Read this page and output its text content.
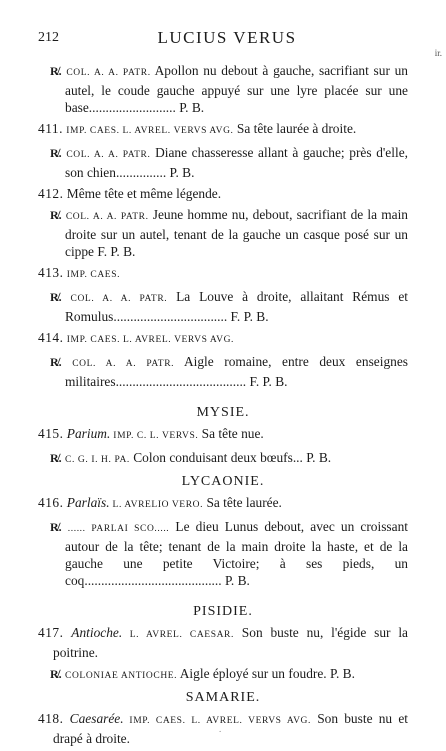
212	LUCIUS VERUS
ir.
R̸. COL. A. A. PATR. Apollon nu debout à gauche, sacrifiant sur un autel, le coude gauche appuyé sur une lyre placée sur une base.......................... P. B.
411. IMP. CAES. L. AVREL. VERVS AVG. Sa tête laurée à droite.
R̸. COL. A. A. PATR. Diane chasseresse allant à gauche; près d'elle, son chien............... P. B.
412. Même tête et même légende.
R̸. COL. A. A. PATR. Jeune homme nu, debout, sacrifiant de la main droite sur un autel, tenant de la gauche un casque posé sur un cippe F. P. B.
413. IMP. CAES.
R̸. COL. A. A. PATR. La Louve à droite, allaitant Rémus et Romulus.................................. F. P. B.
414. IMP. CAES. L. AVREL. VERVS AVG.
R̸. COL. A. A. PATR. Aigle romaine, entre deux enseignes militaires....................................... F. P. B.
MYSIE.
415. Parium. IMP. C. L. VERVS. Sa tête nue.
R̸. C. G. I. H. PA. Colon conduisant deux bœufs... P. B.
LYCAONIE.
416. Parlaïs. L. AVRELIO VERO. Sa tête laurée.
R̸. ...... PARLAI SCO..... Le dieu Lunus debout, avec un croissant autour de la tête; tenant de la main droite la haste, et de la gauche une petite Victoire; à ses pieds, un coq......................................... P. B.
PISIDIE.
417. Antioche. L. AVREL. CAESAR. Son buste nu, l'égide sur la poitrine.
R̸. COLONIAE ANTIOCHE. Aigle éployé sur un foudre. P. B.
SAMARIE.
418. Caesarée. IMP. CAES. L. AVREL. VERVS AVG. Son buste nu et drapé à droite.
.
